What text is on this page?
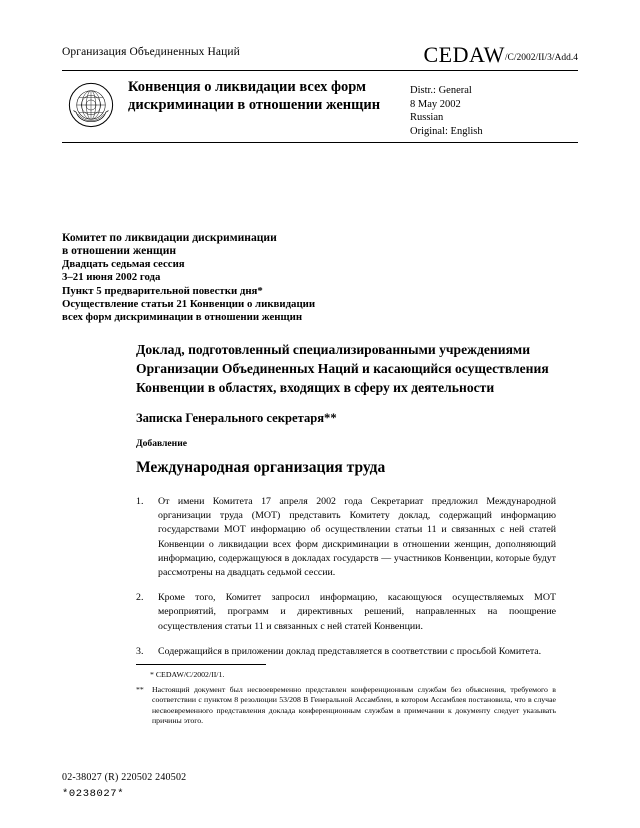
Организация Объединенных Наций	CEDAW/C/2002/II/3/Add.4
Конвенция о ликвидации всех форм дискриминации в отношении женщин
Distr.: General
8 May 2002
Russian
Original: English
Комитет по ликвидации дискриминации
в отношении женщин
Двадцать седьмая сессия
3–21 июня 2002 года
Пункт 5 предварительной повестки дня*
Осуществление статьи 21 Конвенции о ликвидации
всех форм дискриминации в отношении женщин
Доклад, подготовленный специализированными учреждениями Организации Объединенных Наций и касающийся осуществления Конвенции в областях, входящих в сферу их деятельности
Записка Генерального секретаря**
Добавление
Международная организация труда

1. От имени Комитета 17 апреля 2002 года Секретариат предложил Международной организации труда (МОТ) представить Комитету доклад, содержащий информацию государствами МОТ информацию об осуществлении статьи 11 и связанных с ней статей Конвенции о ликвидации всех форм дискриминации в отношении женщин, дополняющий информацию, содержащуюся в докладах государств — участников Конвенции, которые будут рассмотрены на двадцать седьмой сессии.

2. Кроме того, Комитет запросил информацию, касающуюся осуществляемых МОТ мероприятий, программ и директивных решений, направленных на поощрение осуществления статьи 11 и связанных с ней статей Конвенции.

3. Содержащийся в приложении доклад представляется в соответствии с просьбой Комитета.

* CEDAW/C/2002/II/1.

** Настоящий документ был несвоевременно представлен конференционным службам без объяснения, требуемого в соответствии с пунктом 8 резолюции 53/208 B Генеральной Ассамблеи, в котором Ассамблея постановила, что в случае несвоевременного представления доклада конференционным службам в примечании к документу следует указывать причины этого.

02-38027 (R) 220502 240502
*0238027*
